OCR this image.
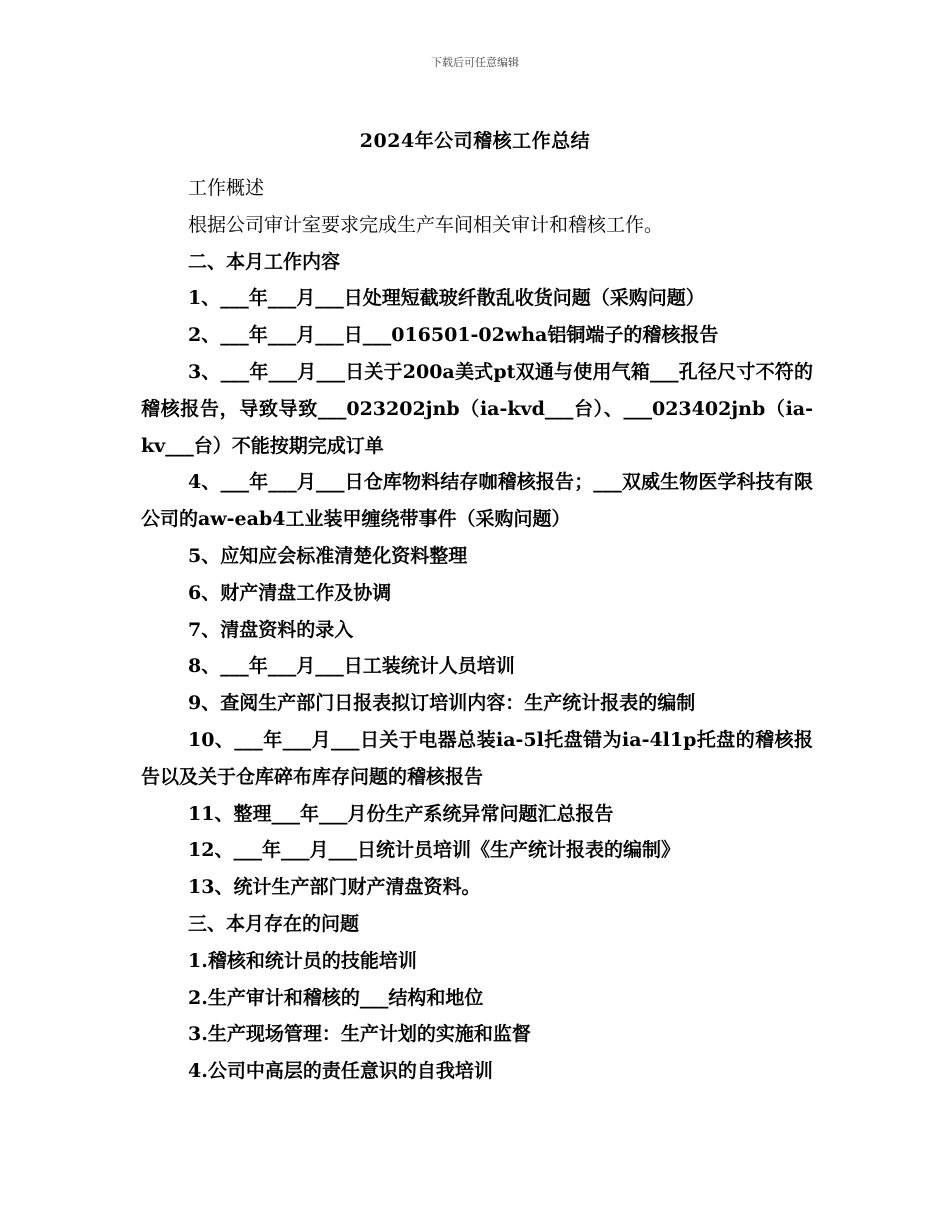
下载后可任意编辑
2024年公司稽核工作总结

工作概述

根据公司审计室要求完成生产车间相关审计和稽核工作。

二、本月工作内容

1、___年___月___日处理短截玻纤散乱收货问题（采购问题）

2、___年___月___日___016501-02wha铝铜端子的稽核报告

3、___年___月___日关于200a美式pt双通与使用气箱___孔径尺寸不符的稽核报告，导致导致___023202jnb（ia-kvd___台）、___023402jnb（ia-kv___台）不能按期完成订单

4、___年___月___日仓库物料结存咖稽核报告；___双威生物医学科技有限公司的aw-eab4工业装甲缠绕带事件（采购问题）

5、应知应会标准清楚化资料整理

6、财产清盘工作及协调

7、清盘资料的录入

8、___年___月___日工装统计人员培训

9、查阅生产部门日报表拟订培训内容：生产统计报表的编制

10、___年___月___日关于电器总装ia-5l托盘错为ia-4l1p托盘的稽核报告以及关于仓库碎布库存问题的稽核报告

11、整理___年___月份生产系统异常问题汇总报告

12、___年___月___日统计员培训《生产统计报表的编制》

13、统计生产部门财产清盘资料。

三、本月存在的问题

1.稽核和统计员的技能培训

2.生产审计和稽核的___结构和地位

3.生产现场管理：生产计划的实施和监督

4.公司中高层的责任意识的自我培训
